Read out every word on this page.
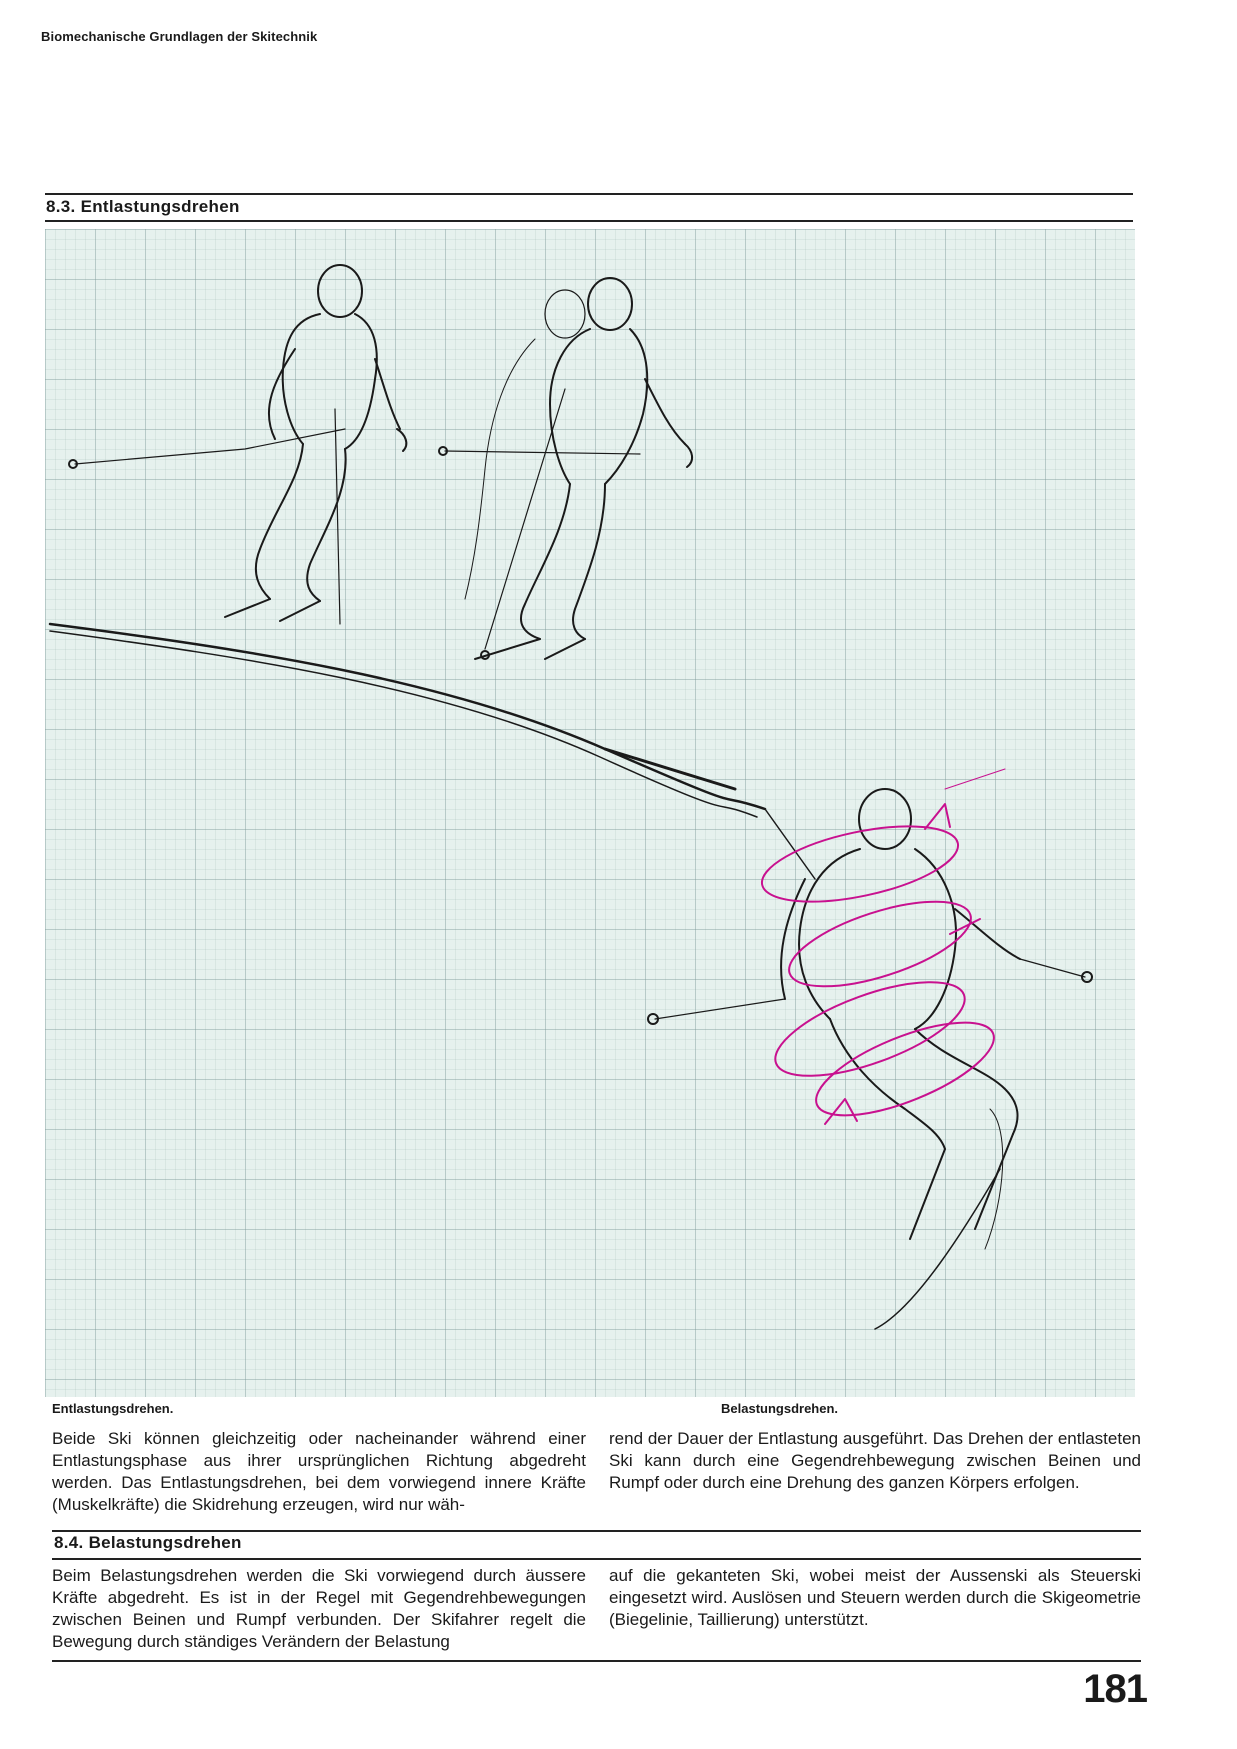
Biomechanische Grundlagen der Skitechnik
8.3. Entlastungsdrehen
Entlastungsdrehen.	Belastungsdrehen.

Beide Ski können gleichzeitig oder nacheinander während einer Entlastungsphase aus ihrer ursprünglichen Richtung abgedreht werden. Das Entlastungsdrehen, bei dem vorwiegend innere Kräfte (Muskelkräfte) die Skidrehung erzeugen, wird nur wäh-

rend der Dauer der Entlastung ausgeführt. Das Drehen der entlasteten Ski kann durch eine Gegendrehbewegung zwischen Beinen und Rumpf oder durch eine Drehung des ganzen Körpers erfolgen.

8.4. Belastungsdrehen

Beim Belastungsdrehen werden die Ski vorwiegend durch äussere Kräfte abgedreht. Es ist in der Regel mit Gegendrehbewegungen zwischen Beinen und Rumpf verbunden. Der Skifahrer regelt die Bewegung durch ständiges Verändern der Belastung

auf die gekanteten Ski, wobei meist der Aussenski als Steuerski eingesetzt wird. Auslösen und Steuern werden durch die Skigeometrie (Biegelinie, Taillierung) unterstützt.

181
